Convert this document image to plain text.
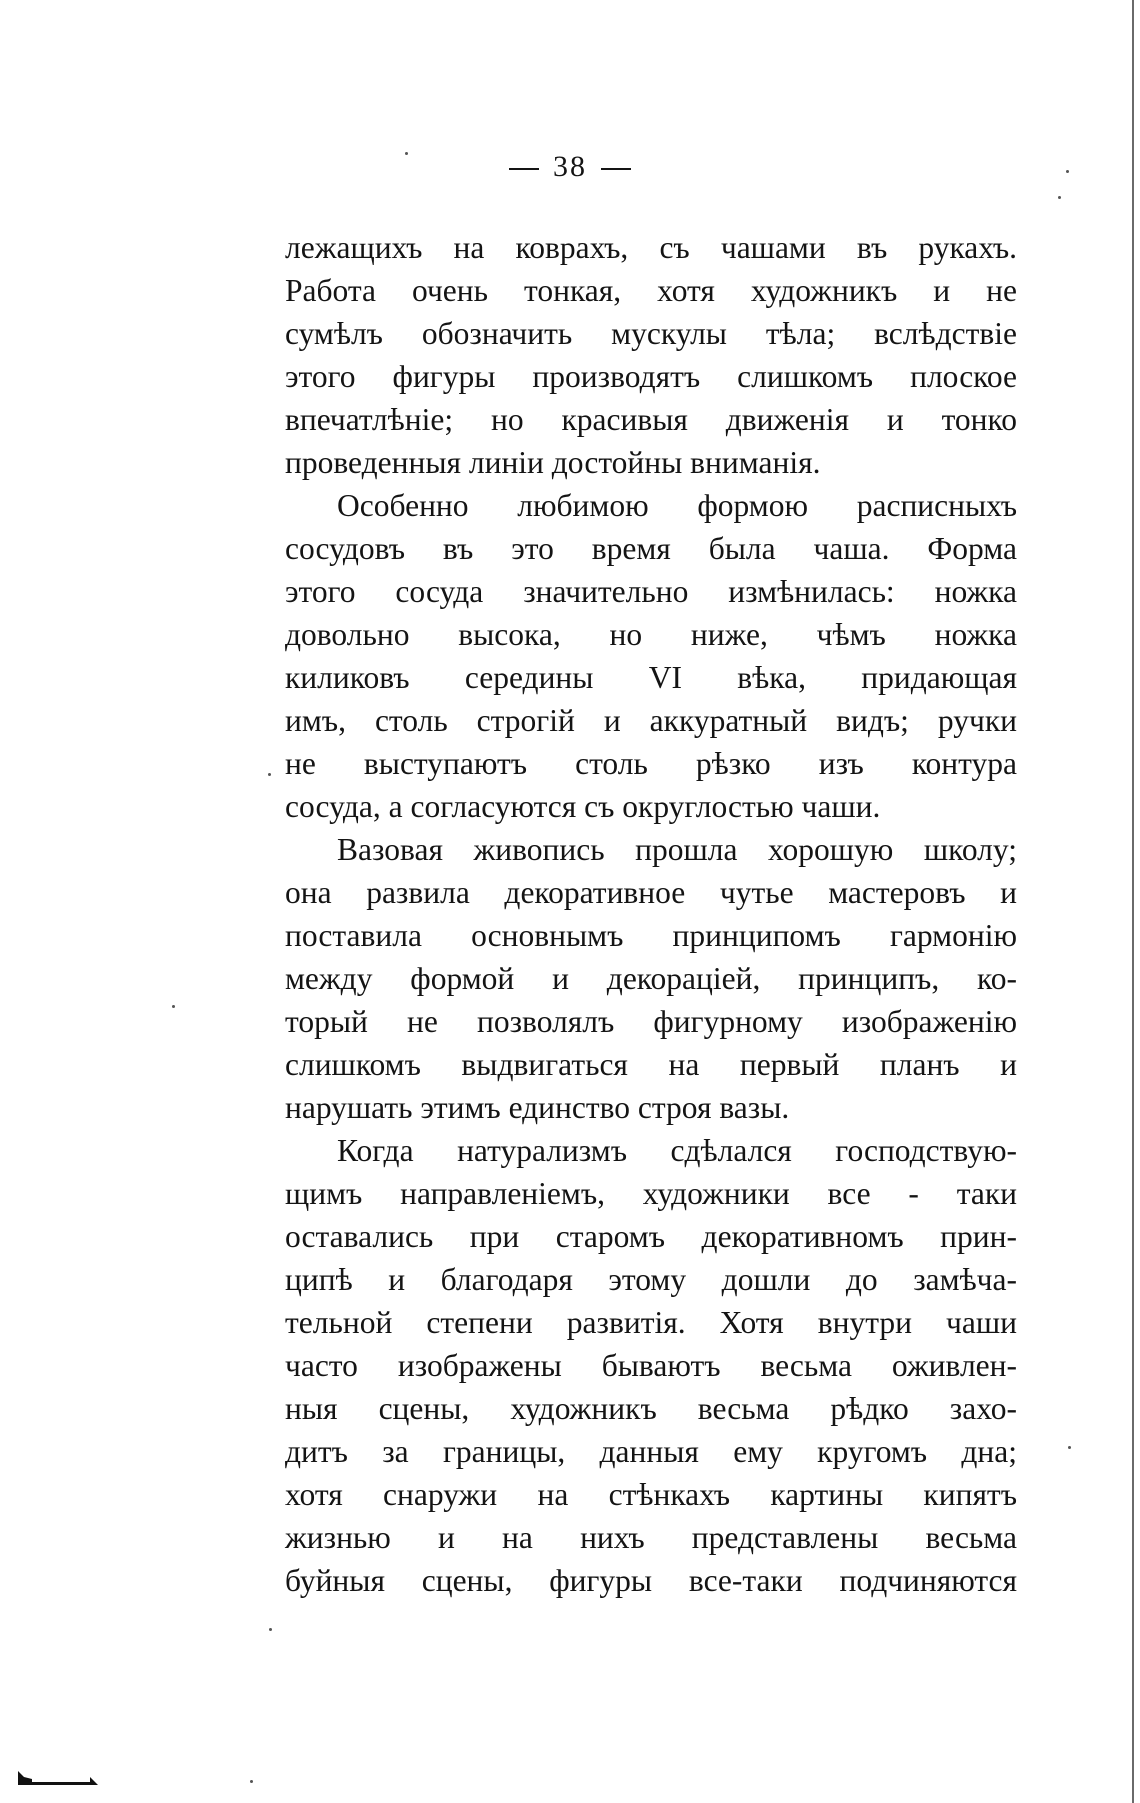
38
лежащихъ на коврахъ, съ чашами въ рукахъ.
Работа очень тонкая, хотя художникъ и не
сумѣлъ обозначить мускулы тѣла; вслѣдствіе
этого фигуры производятъ слишкомъ плоское
впечатлѣніе; но красивыя движенія и тонко
проведенныя линіи достойны вниманія.
Особенно любимою формою расписныхъ
сосудовъ въ это время была чаша. Форма
этого сосуда значительно измѣнилась: ножка
довольно высока, но ниже, чѣмъ ножка
киликовъ середины VI вѣка, придающая
имъ, столь строгій и аккуратный видъ; ручки
не выступаютъ столь рѣзко изъ контура
сосуда, а согласуются съ округлостью чаши.
Вазовая живопись прошла хорошую школу;
она развила декоративное чутье мастеровъ и
поставила основнымъ принципомъ гармонію
между формой и декораціей, принципъ, ко-
торый не позволялъ фигурному изображенію
слишкомъ выдвигаться на первый планъ и
нарушать этимъ единство строя вазы.
Когда натурализмъ сдѣлался господствую-
щимъ направленіемъ, художники все - таки
оставались при старомъ декоративномъ прин-
ципѣ и благодаря этому дошли до замѣча-
тельной степени развитія. Хотя внутри чаши
часто изображены бываютъ весьма оживлен-
ныя сцены, художникъ весьма рѣдко захо-
дитъ за границы, данныя ему кругомъ дна;
хотя снаружи на стѣнкахъ картины кипятъ
жизнью и на нихъ представлены весьма
буйныя сцены, фигуры все-таки подчиняются
